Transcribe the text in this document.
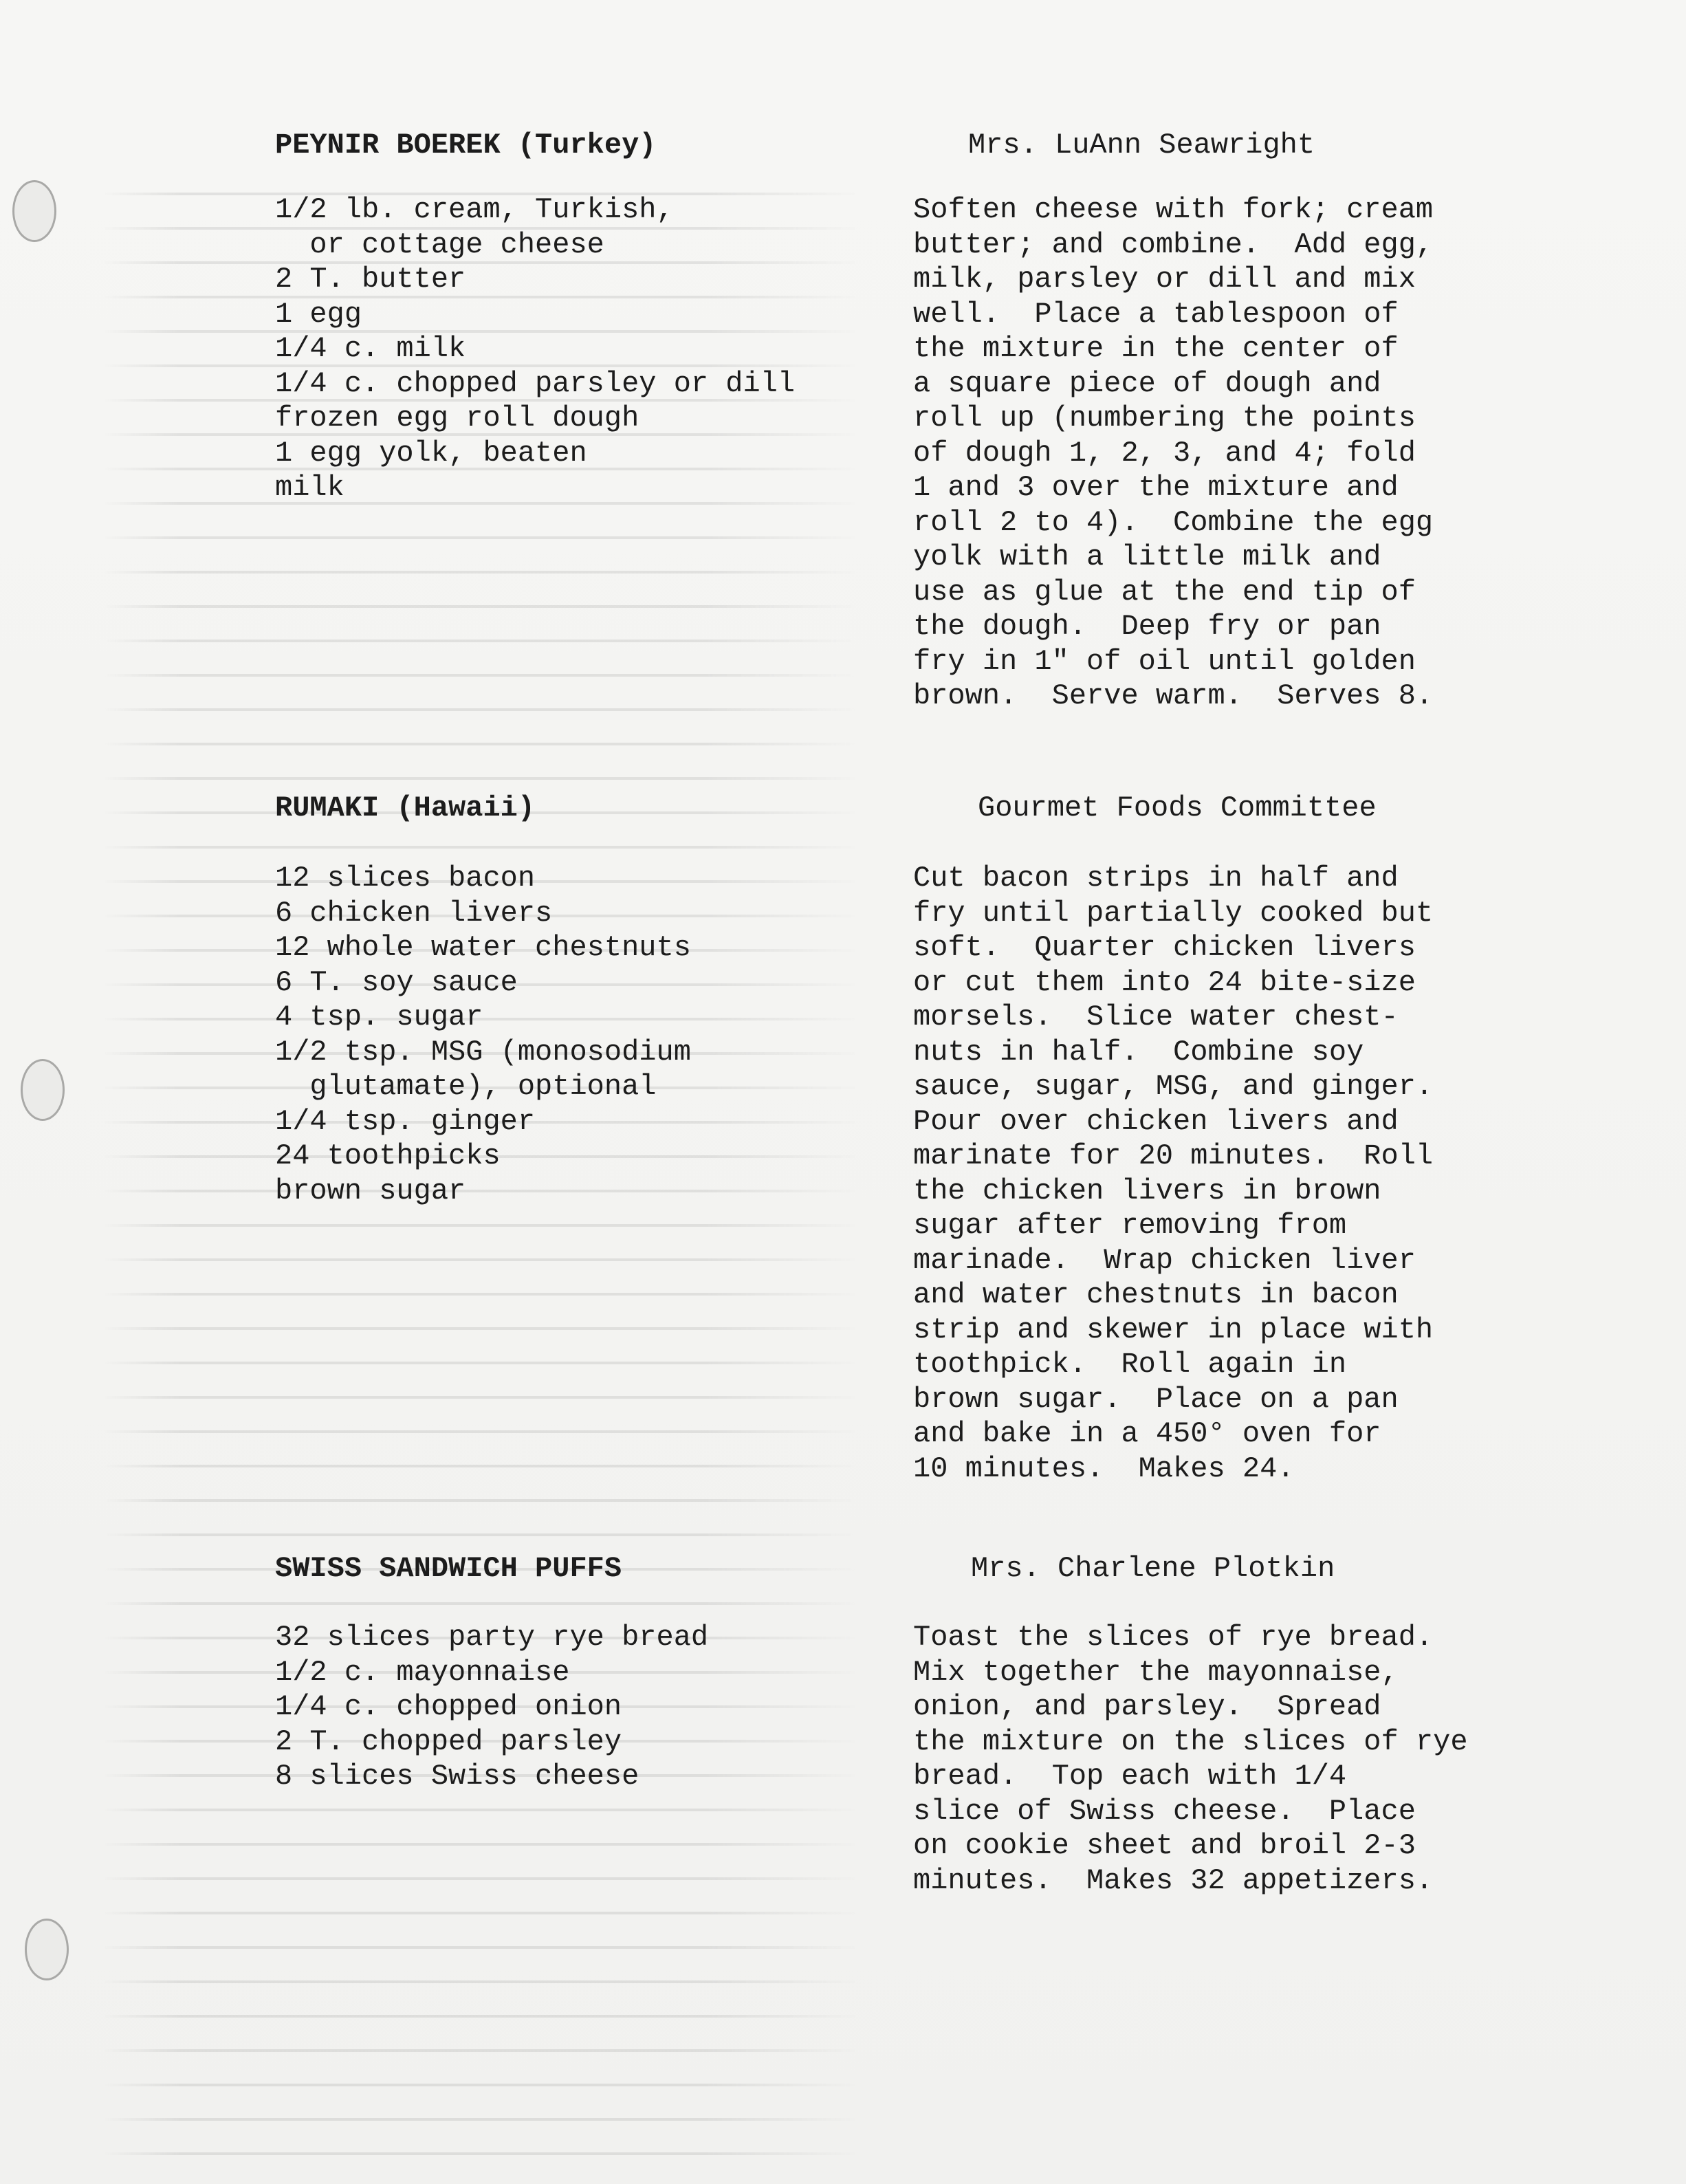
PEYNIR BOEREK (Turkey)
1/2 lb. cream, Turkish,
or cottage cheese
2 T. butter
1 egg
1/4 c. milk
1/4 c. chopped parsley or dill
frozen egg roll dough
1 egg yolk, beaten
milk
Mrs. LuAnn Seawright
Soften cheese with fork; cream
butter; and combine.  Add egg,
milk, parsley or dill and mix
well.  Place a tablespoon of
the mixture in the center of
a square piece of dough and
roll up (numbering the points
of dough 1, 2, 3, and 4; fold
1 and 3 over the mixture and
roll 2 to 4).  Combine the egg
yolk with a little milk and
use as glue at the end tip of
the dough.  Deep fry or pan
fry in 1" of oil until golden
brown.  Serve warm.  Serves 8.
RUMAKI (Hawaii)
12 slices bacon
6 chicken livers
12 whole water chestnuts
6 T. soy sauce
4 tsp. sugar
1/2 tsp. MSG (monosodium
glutamate), optional
1/4 tsp. ginger
24 toothpicks
brown sugar
Gourmet Foods Committee
Cut bacon strips in half and
fry until partially cooked but
soft.  Quarter chicken livers
or cut them into 24 bite-size
morsels.  Slice water chest-
nuts in half.  Combine soy
sauce, sugar, MSG, and ginger.
Pour over chicken livers and
marinate for 20 minutes.  Roll
the chicken livers in brown
sugar after removing from
marinade.  Wrap chicken liver
and water chestnuts in bacon
strip and skewer in place with
toothpick.  Roll again in
brown sugar.  Place on a pan
and bake in a 450° oven for
10 minutes.  Makes 24.
SWISS SANDWICH PUFFS
32 slices party rye bread
1/2 c. mayonnaise
1/4 c. chopped onion
2 T. chopped parsley
8 slices Swiss cheese
Mrs. Charlene Plotkin
Toast the slices of rye bread.
Mix together the mayonnaise,
onion, and parsley.  Spread
the mixture on the slices of rye
bread.  Top each with 1/4
slice of Swiss cheese.  Place
on cookie sheet and broil 2-3
minutes.  Makes 32 appetizers.
